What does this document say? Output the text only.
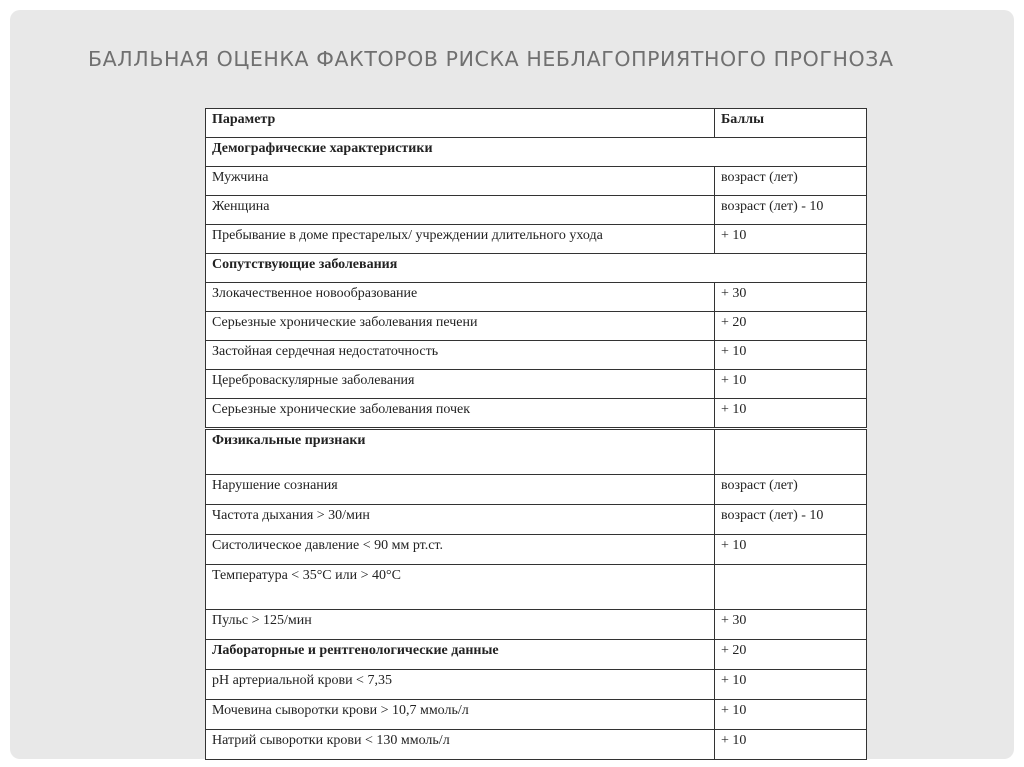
БАЛЛЬНАЯ ОЦЕНКА ФАКТОРОВ РИСКА НЕБЛАГОПРИЯТНОГО ПРОГНОЗА
Параметр	Баллы
Демографические характеристики	
Мужчина	возраст (лет)
Женщина	возраст (лет) - 10
Пребывание в доме престарелых/ учреждении длительного ухода	+ 10
Сопутствующие заболевания	
Злокачественное новообразование	+ 30
Серьезные хронические заболевания печени	+ 20
Застойная сердечная недостаточность	+ 10
Цереброваскулярные заболевания	+ 10
Серьезные хронические заболевания почек	+ 10
Физикальные признаки	
Нарушение сознания	возраст (лет)
Частота дыхания > 30/мин	возраст (лет) - 10
Систолическое давление < 90 мм рт.ст.	+ 10
Температура < 35°С или > 40°С	
Пульс > 125/мин	+ 30
Лабораторные и рентгенологические данные	+ 20
рН артериальной крови < 7,35	+ 10
Мочевина сыворотки крови > 10,7 ммоль/л	+ 10
Натрий сыворотки крови < 130 ммоль/л	+ 10
